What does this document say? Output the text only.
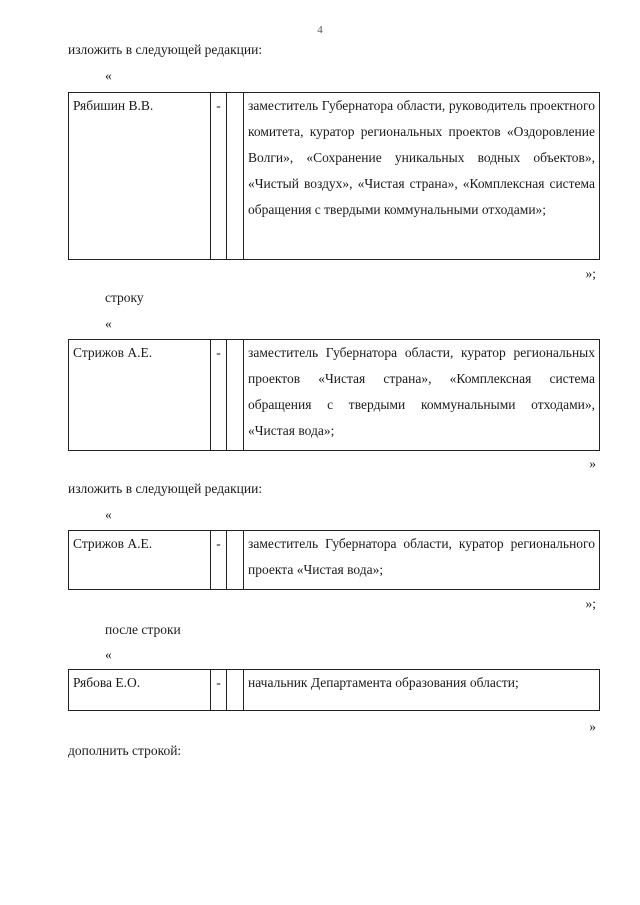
4
изложить в следующей редакции:
«
Рябишин В.В.	-		заместитель Губернатора области, руководитель проектного комитета, куратор региональных проектов «Оздоровление Волги», «Сохранение уникальных водных объектов», «Чистый воздух», «Чистая страна», «Комплексная система обращения с твердыми коммунальными отходами»;
»;
строку
«
Стрижов А.Е.	-		заместитель Губернатора области, куратор региональных проектов «Чистая страна», «Комплексная система обращения с твердыми коммунальными отходами», «Чистая вода»;
»
изложить в следующей редакции:
«
Стрижов А.Е.	-		заместитель Губернатора области, куратор регионального проекта «Чистая вода»;
»;
после строки
«
Рябова Е.О.	-		начальник Департамента образования области;
»
дополнить строкой:
